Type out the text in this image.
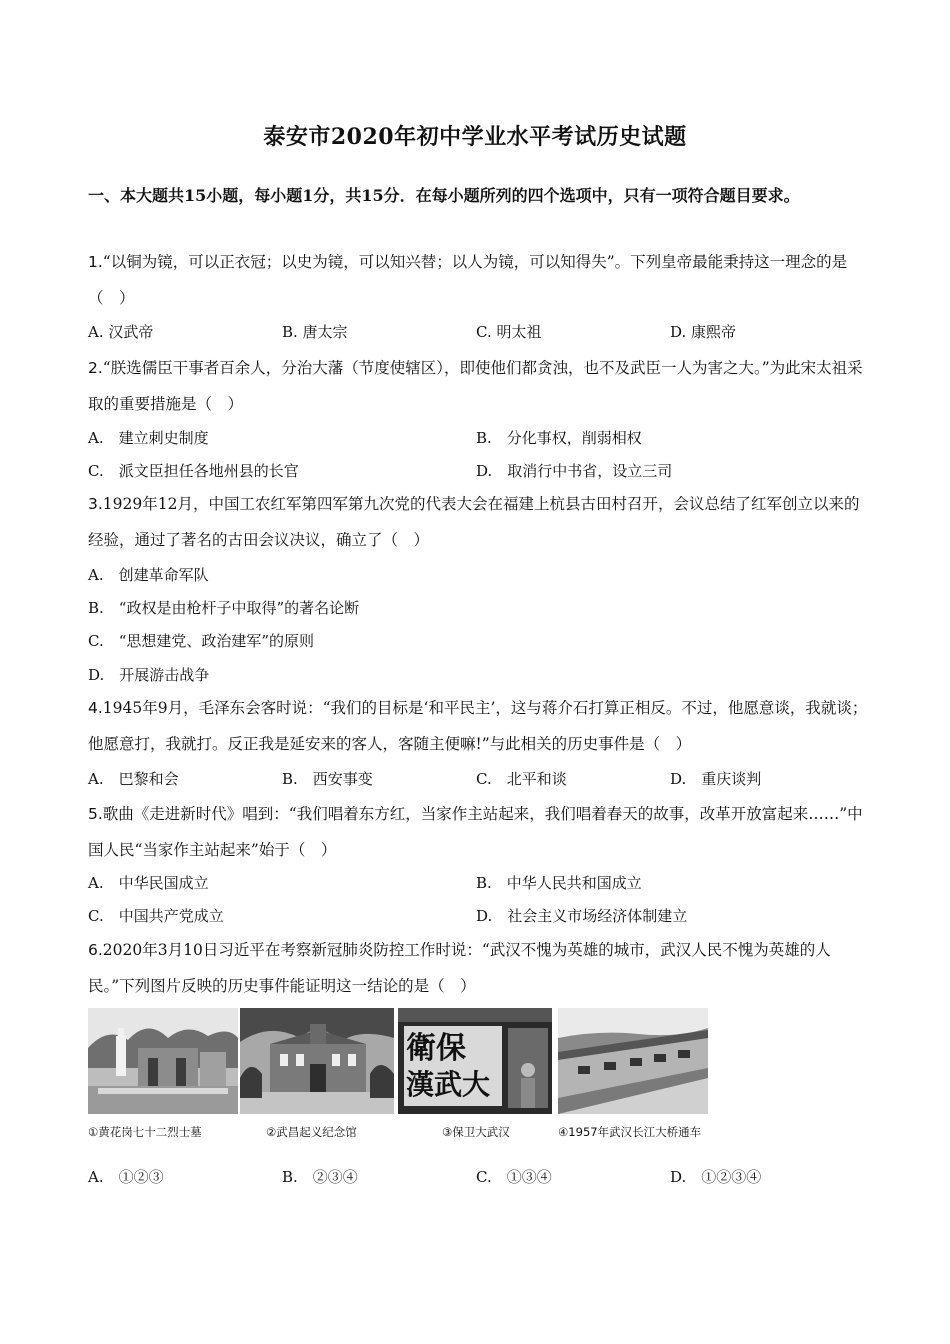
泰安市2020年初中学业水平考试历史试题
一、本大题共15小题，每小题1分，共15分．在每小题所列的四个选项中，只有一项符合题目要求。
1.“以铜为镜，可以正衣冠；以史为镜，可以知兴替；以人为镜，可以知得失”。下列皇帝最能秉持这一理念的是（　）
A. 汉武帝	B. 唐太宗	C. 明太祖	D. 康熙帝
2.“朕选儒臣干事者百余人，分治大藩（节度使辖区），即使他们都贪浊，也不及武臣一人为害之大。”为此宋太祖采取的重要措施是（　）
A.　建立刺史制度	B.　分化事权，削弱相权
C.　派文臣担任各地州县的长官	D.　取消行中书省，设立三司
3.1929年12月，中国工农红军第四军第九次党的代表大会在福建上杭县古田村召开，会议总结了红军创立以来的经验，通过了著名的古田会议决议，确立了（　）
A.　创建革命军队
B.　“政权是由枪杆子中取得”的著名论断
C.　“思想建党、政治建军”的原则
D.　开展游击战争
4.1945年9月，毛泽东会客时说：“我们的目标是‘和平民主’，这与蒋介石打算正相反。不过，他愿意谈，我就谈；他愿意打，我就打。反正我是延安来的客人，客随主便嘛!”与此相关的历史事件是（　）
A.　巴黎和会	B.　西安事变	C.　北平和谈	D.　重庆谈判
5.歌曲《走进新时代》唱到：“我们唱着东方红，当家作主站起来，我们唱着春天的故事，改革开放富起来……”中国人民“当家作主站起来”始于（　）
A.　中华民国成立	B.　中华人民共和国成立
C.　中国共产党成立	D.　社会主义市场经济体制建立
6.2020年3月10日习近平在考察新冠肺炎防控工作时说：“武汉不愧为英雄的城市，武汉人民不愧为英雄的人民。”下列图片反映的历史事件能证明这一结论的是（　）
①黄花岗七十二烈士墓	②武昌起义纪念馆
衛保
漢武大
③保卫大武汉	④1957年武汉长江大桥通车
A.　①②③	B.　②③④	C.　①③④	D.　①②③④
